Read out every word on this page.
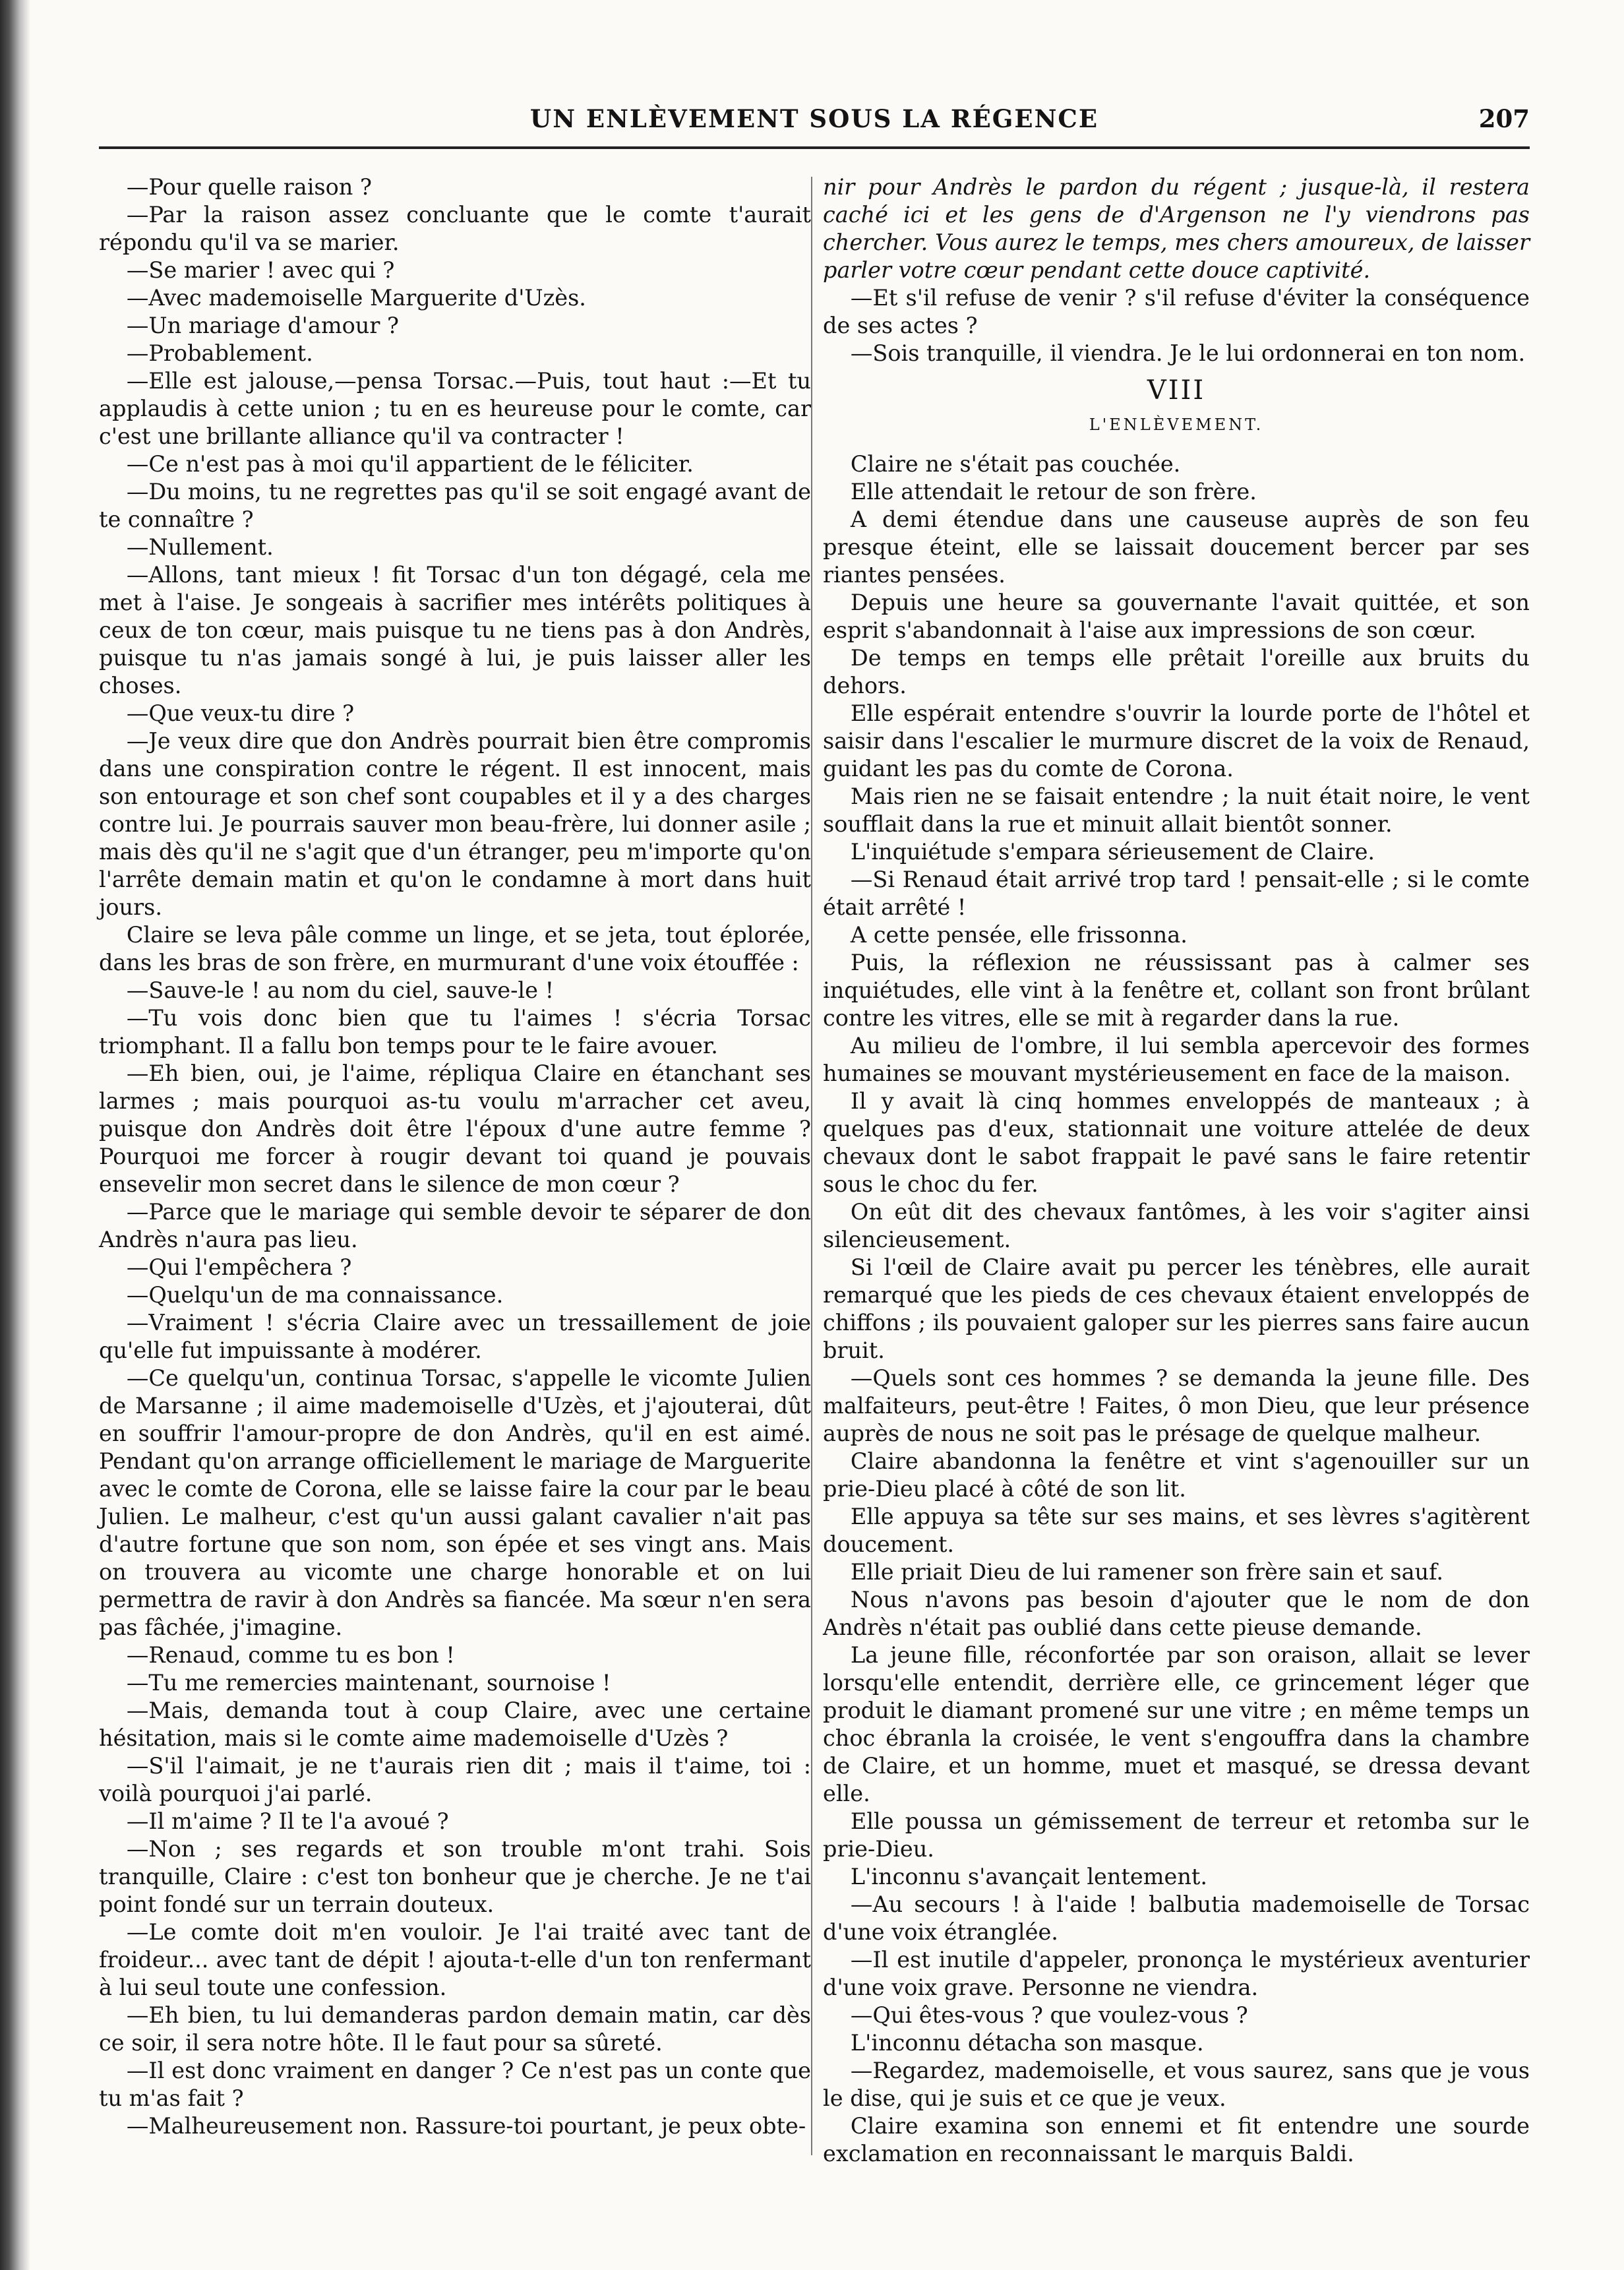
UN ENLÈVEMENT SOUS LA RÉGENCE	207

—Pour quelle raison ?

—Par la raison assez concluante que le comte t'aurait répondu qu'il va se marier.

—Se marier ! avec qui ?

—Avec mademoiselle Marguerite d'Uzès.

—Un mariage d'amour ?

—Probablement.

—Elle est jalouse,—pensa Torsac.—Puis, tout haut :—Et tu applaudis à cette union ; tu en es heureuse pour le comte, car c'est une brillante alliance qu'il va contracter !

—Ce n'est pas à moi qu'il appartient de le féliciter.

—Du moins, tu ne regrettes pas qu'il se soit engagé avant de te connaître ?

—Nullement.

—Allons, tant mieux ! fit Torsac d'un ton dégagé, cela me met à l'aise. Je songeais à sacrifier mes intérêts politiques à ceux de ton cœur, mais puisque tu ne tiens pas à don Andrès, puisque tu n'as jamais songé à lui, je puis laisser aller les choses.

—Que veux-tu dire ?

—Je veux dire que don Andrès pourrait bien être compromis dans une conspiration contre le régent. Il est innocent, mais son entourage et son chef sont coupables et il y a des charges contre lui. Je pourrais sauver mon beau-frère, lui donner asile ; mais dès qu'il ne s'agit que d'un étranger, peu m'importe qu'on l'arrête demain matin et qu'on le condamne à mort dans huit jours.

Claire se leva pâle comme un linge, et se jeta, tout éplorée, dans les bras de son frère, en murmurant d'une voix étouffée :

—Sauve-le ! au nom du ciel, sauve-le !

—Tu vois donc bien que tu l'aimes ! s'écria Torsac triomphant. Il a fallu bon temps pour te le faire avouer.

—Eh bien, oui, je l'aime, répliqua Claire en étanchant ses larmes ; mais pourquoi as-tu voulu m'arracher cet aveu, puisque don Andrès doit être l'époux d'une autre femme ? Pourquoi me forcer à rougir devant toi quand je pouvais ensevelir mon secret dans le silence de mon cœur ?

—Parce que le mariage qui semble devoir te séparer de don Andrès n'aura pas lieu.

—Qui l'empêchera ?

—Quelqu'un de ma connaissance.

—Vraiment ! s'écria Claire avec un tressaillement de joie qu'elle fut impuissante à modérer.

—Ce quelqu'un, continua Torsac, s'appelle le vicomte Julien de Marsanne ; il aime mademoiselle d'Uzès, et j'ajouterai, dût en souffrir l'amour-propre de don Andrès, qu'il en est aimé. Pendant qu'on arrange officiellement le mariage de Marguerite avec le comte de Corona, elle se laisse faire la cour par le beau Julien. Le malheur, c'est qu'un aussi galant cavalier n'ait pas d'autre fortune que son nom, son épée et ses vingt ans. Mais on trouvera au vicomte une charge honorable et on lui permettra de ravir à don Andrès sa fiancée. Ma sœur n'en sera pas fâchée, j'imagine.

—Renaud, comme tu es bon !

—Tu me remercies maintenant, sournoise !

—Mais, demanda tout à coup Claire, avec une certaine hésitation, mais si le comte aime mademoiselle d'Uzès ?

—S'il l'aimait, je ne t'aurais rien dit ; mais il t'aime, toi : voilà pourquoi j'ai parlé.

—Il m'aime ? Il te l'a avoué ?

—Non ; ses regards et son trouble m'ont trahi. Sois tranquille, Claire : c'est ton bonheur que je cherche. Je ne t'ai point fondé sur un terrain douteux.

—Le comte doit m'en vouloir. Je l'ai traité avec tant de froideur... avec tant de dépit ! ajouta-t-elle d'un ton renfermant à lui seul toute une confession.

—Eh bien, tu lui demanderas pardon demain matin, car dès ce soir, il sera notre hôte. Il le faut pour sa sûreté.

—Il est donc vraiment en danger ? Ce n'est pas un conte que tu m'as fait ?

—Malheureusement non. Rassure-toi pourtant, je peux obte-

nir pour Andrès le pardon du régent ; jusque-là, il restera caché ici et les gens de d'Argenson ne l'y viendrons pas chercher. Vous aurez le temps, mes chers amoureux, de laisser parler votre cœur pendant cette douce captivité.

—Et s'il refuse de venir ? s'il refuse d'éviter la conséquence de ses actes ?

—Sois tranquille, il viendra. Je le lui ordonnerai en ton nom.

VIII

L'ENLÈVEMENT.

Claire ne s'était pas couchée.

Elle attendait le retour de son frère.

A demi étendue dans une causeuse auprès de son feu presque éteint, elle se laissait doucement bercer par ses riantes pensées.

Depuis une heure sa gouvernante l'avait quittée, et son esprit s'abandonnait à l'aise aux impressions de son cœur.

De temps en temps elle prêtait l'oreille aux bruits du dehors.

Elle espérait entendre s'ouvrir la lourde porte de l'hôtel et saisir dans l'escalier le murmure discret de la voix de Renaud, guidant les pas du comte de Corona.

Mais rien ne se faisait entendre ; la nuit était noire, le vent soufflait dans la rue et minuit allait bientôt sonner.

L'inquiétude s'empara sérieusement de Claire.

—Si Renaud était arrivé trop tard ! pensait-elle ; si le comte était arrêté !

A cette pensée, elle frissonna.

Puis, la réflexion ne réussissant pas à calmer ses inquiétudes, elle vint à la fenêtre et, collant son front brûlant contre les vitres, elle se mit à regarder dans la rue.

Au milieu de l'ombre, il lui sembla apercevoir des formes humaines se mouvant mystérieusement en face de la maison.

Il y avait là cinq hommes enveloppés de manteaux ; à quelques pas d'eux, stationnait une voiture attelée de deux chevaux dont le sabot frappait le pavé sans le faire retentir sous le choc du fer.

On eût dit des chevaux fantômes, à les voir s'agiter ainsi silencieusement.

Si l'œil de Claire avait pu percer les ténèbres, elle aurait remarqué que les pieds de ces chevaux étaient enveloppés de chiffons ; ils pouvaient galoper sur les pierres sans faire aucun bruit.

—Quels sont ces hommes ? se demanda la jeune fille. Des malfaiteurs, peut-être ! Faites, ô mon Dieu, que leur présence auprès de nous ne soit pas le présage de quelque malheur.

Claire abandonna la fenêtre et vint s'agenouiller sur un prie-Dieu placé à côté de son lit.

Elle appuya sa tête sur ses mains, et ses lèvres s'agitèrent doucement.

Elle priait Dieu de lui ramener son frère sain et sauf.

Nous n'avons pas besoin d'ajouter que le nom de don Andrès n'était pas oublié dans cette pieuse demande.

La jeune fille, réconfortée par son oraison, allait se lever lorsqu'elle entendit, derrière elle, ce grincement léger que produit le diamant promené sur une vitre ; en même temps un choc ébranla la croisée, le vent s'engouffra dans la chambre de Claire, et un homme, muet et masqué, se dressa devant elle.

Elle poussa un gémissement de terreur et retomba sur le prie-Dieu.

L'inconnu s'avançait lentement.

—Au secours ! à l'aide ! balbutia mademoiselle de Torsac d'une voix étranglée.

—Il est inutile d'appeler, prononça le mystérieux aventurier d'une voix grave. Personne ne viendra.

—Qui êtes-vous ? que voulez-vous ?

L'inconnu détacha son masque.

—Regardez, mademoiselle, et vous saurez, sans que je vous le dise, qui je suis et ce que je veux.

Claire examina son ennemi et fit entendre une sourde exclamation en reconnaissant le marquis Baldi.
